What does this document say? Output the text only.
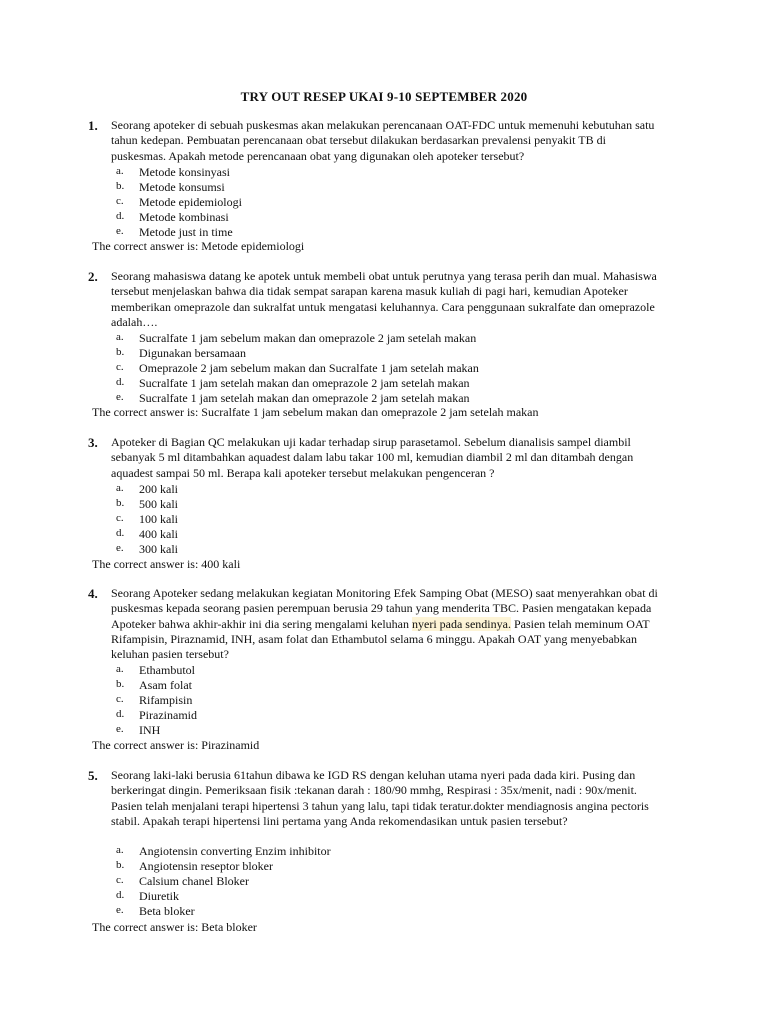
TRY OUT RESEP UKAI 9-10 SEPTEMBER 2020
1. Seorang apoteker di sebuah puskesmas akan melakukan perencanaan OAT-FDC untuk memenuhi kebutuhan satu tahun kedepan. Pembuatan perencanaan obat tersebut dilakukan berdasarkan prevalensi penyakit TB di puskesmas. Apakah metode perencanaan obat yang digunakan oleh apoteker tersebut?
a.	Metode konsinyasi
b.	Metode konsumsi
c.	Metode epidemiologi
d.	Metode kombinasi
e.	Metode just in time
The correct answer is: Metode epidemiologi
2. Seorang mahasiswa datang ke apotek untuk membeli obat untuk perutnya yang terasa perih dan mual. Mahasiswa tersebut menjelaskan bahwa dia tidak sempat sarapan karena masuk kuliah di pagi hari, kemudian Apoteker memberikan omeprazole dan sukralfat untuk mengatasi keluhannya. Cara penggunaan sukralfate dan omeprazole adalah….
a.	Sucralfate 1 jam sebelum makan dan omeprazole 2 jam setelah makan
b.	Digunakan bersamaan
c.	Omeprazole 2 jam sebelum makan dan Sucralfate 1 jam setelah makan
d.	Sucralfate 1 jam setelah makan dan omeprazole 2 jam setelah makan
e.	Sucralfate 1 jam setelah makan dan omeprazole 2 jam setelah makan
The correct answer is: Sucralfate 1 jam sebelum makan dan omeprazole 2 jam setelah makan
3. Apoteker di Bagian QC melakukan uji kadar terhadap sirup parasetamol. Sebelum dianalisis sampel diambil sebanyak 5 ml ditambahkan aquadest dalam labu takar 100 ml, kemudian diambil 2 ml dan ditambah dengan aquadest sampai 50 ml. Berapa kali apoteker tersebut melakukan pengenceran ?
a.	200 kali
b.	500 kali
c.	100 kali
d.	400 kali
e.	300 kali
The correct answer is: 400 kali
4. Seorang Apoteker sedang melakukan kegiatan Monitoring Efek Samping Obat (MESO) saat menyerahkan obat di puskesmas kepada seorang pasien perempuan berusia 29 tahun yang menderita TBC. Pasien mengatakan kepada Apoteker bahwa akhir-akhir ini dia sering mengalami keluhan nyeri pada sendinya. Pasien telah meminum OAT Rifampisin, Piraznamid, INH, asam folat dan Ethambutol selama 6 minggu. Apakah OAT yang menyebabkan keluhan pasien tersebut?
a.	Ethambutol
b.	Asam folat
c.	Rifampisin
d.	Pirazinamid
e.	INH
The correct answer is: Pirazinamid
5. Seorang laki-laki berusia 61tahun dibawa ke IGD RS dengan keluhan utama nyeri pada dada kiri. Pusing dan berkeringat dingin. Pemeriksaan fisik :tekanan darah : 180/90 mmhg, Respirasi : 35x/menit, nadi : 90x/menit. Pasien telah menjalani terapi hipertensi 3 tahun yang lalu, tapi tidak teratur.dokter mendiagnosis angina pectoris stabil. Apakah terapi hipertensi lini pertama yang Anda rekomendasikan untuk pasien tersebut?
a.	Angiotensin converting Enzim inhibitor
b.	Angiotensin reseptor bloker
c.	Calsium chanel Bloker
d.	Diuretik
e.	Beta bloker
The correct answer is: Beta bloker
